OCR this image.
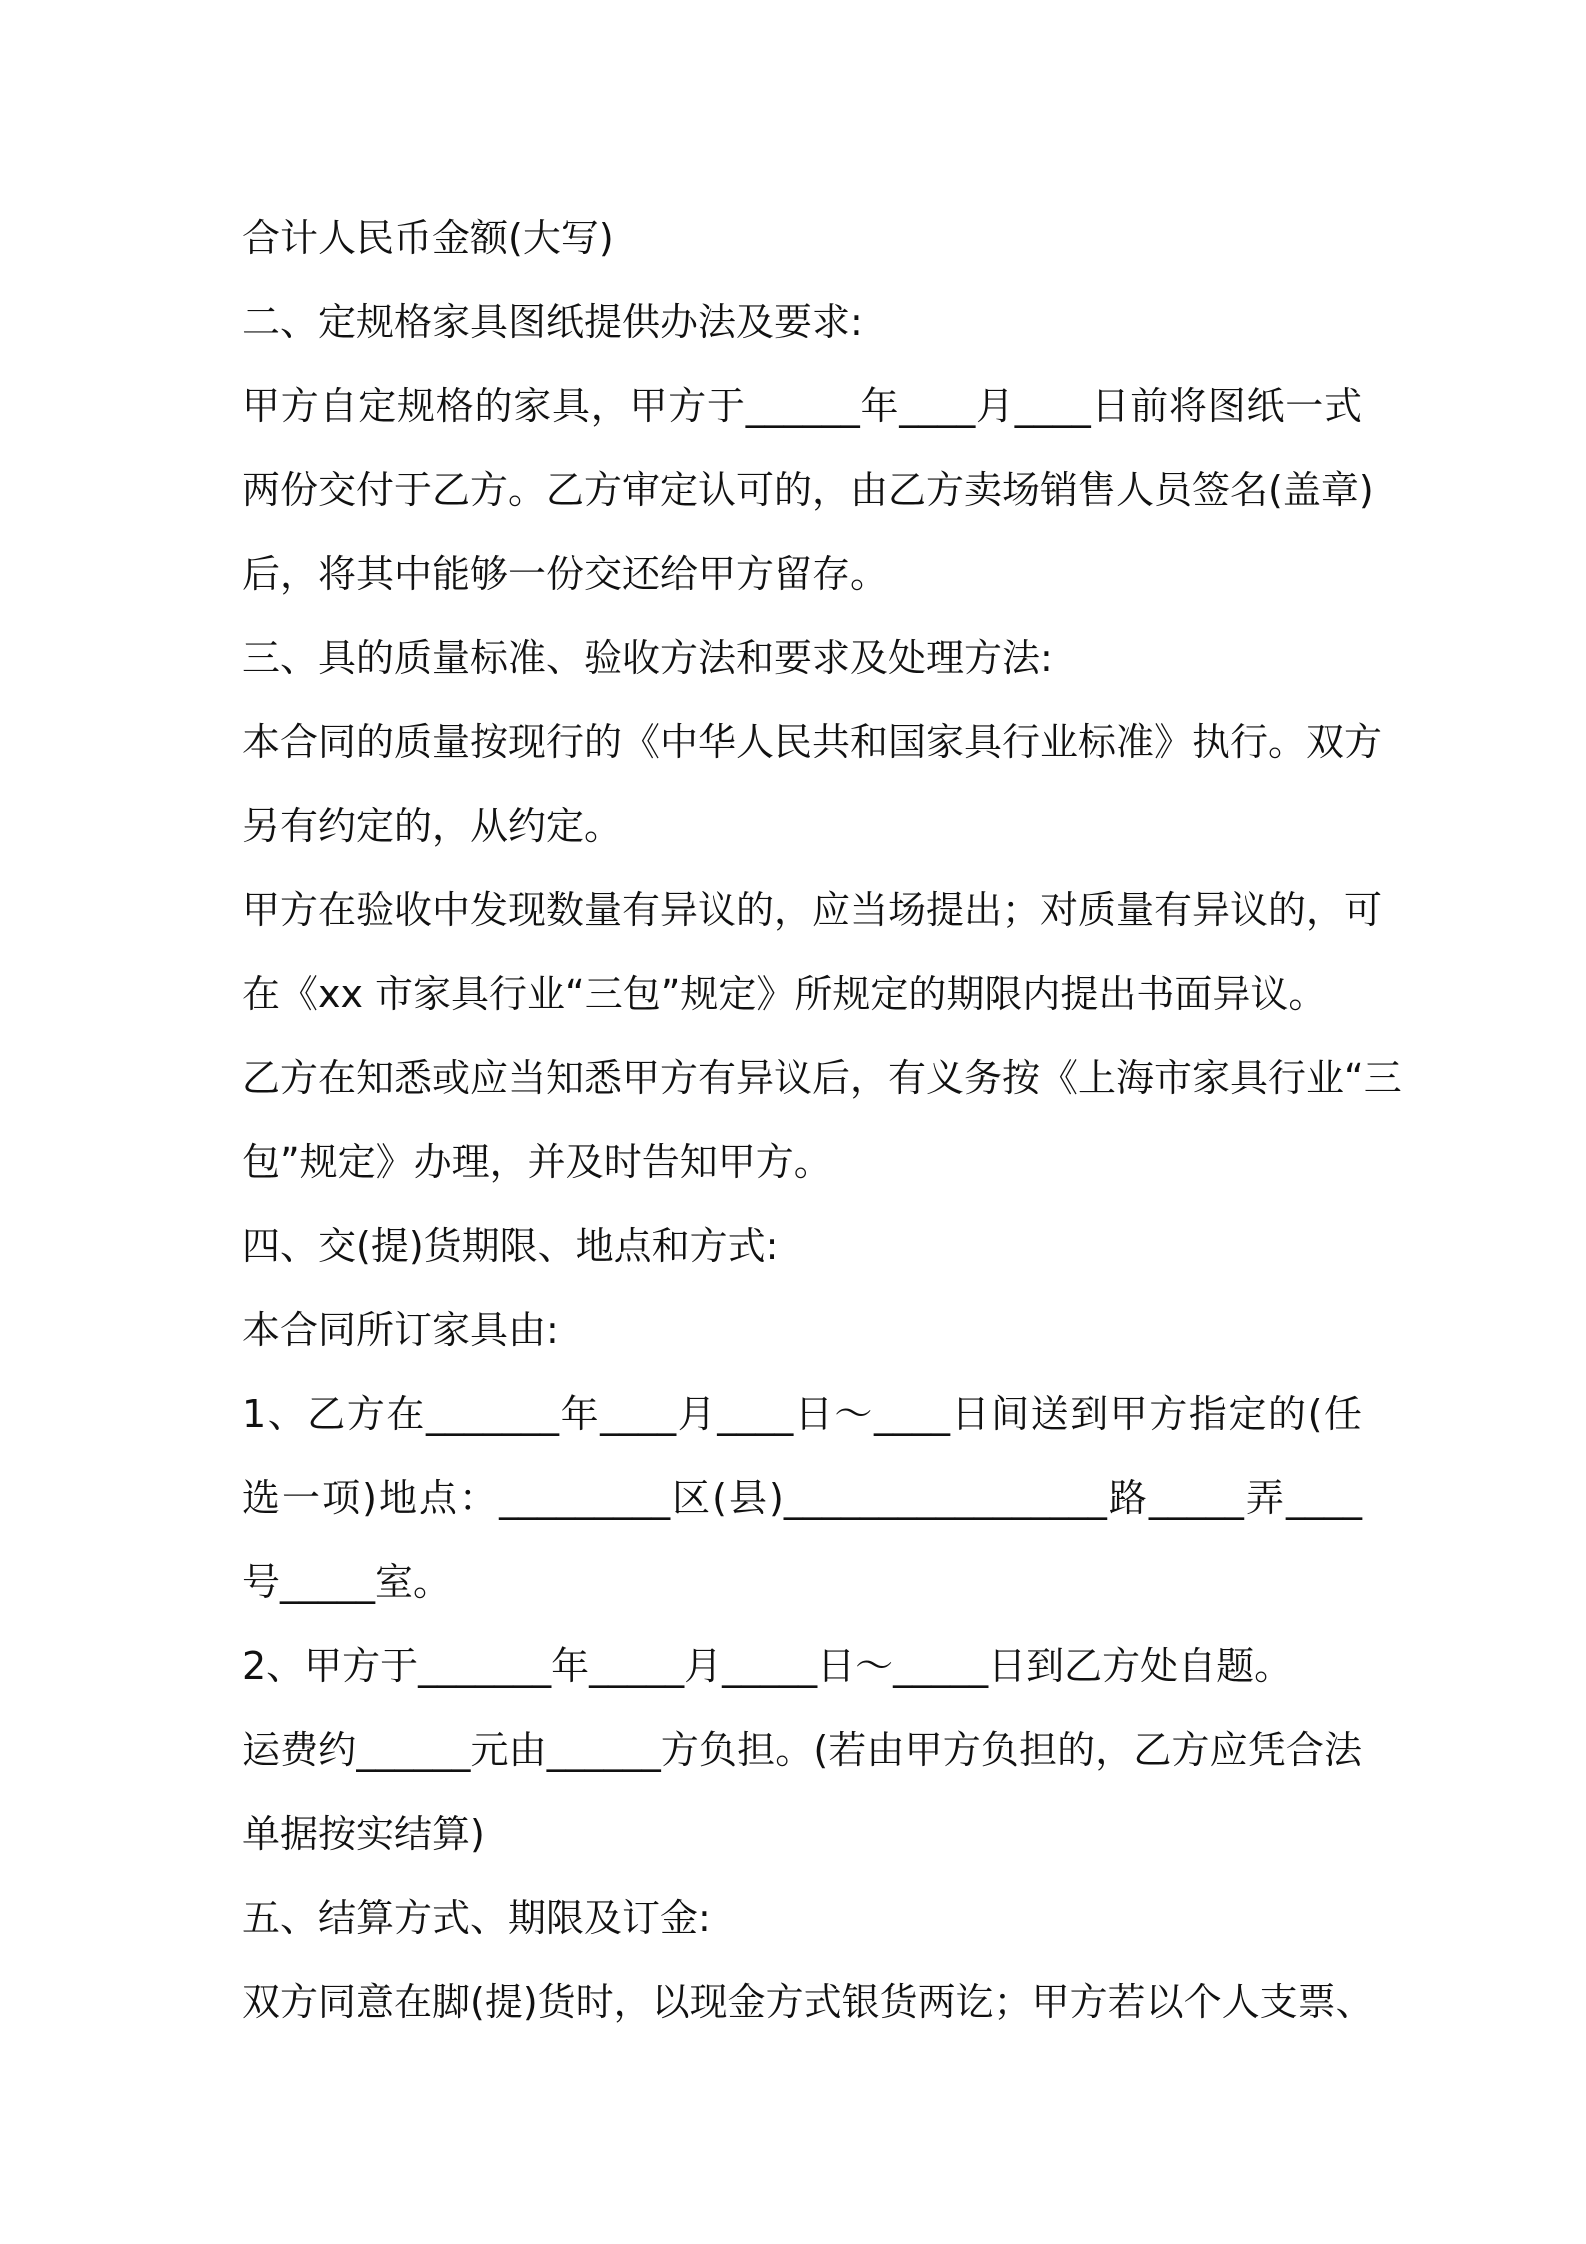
合计人民币金额(大写)
二、定规格家具图纸提供办法及要求:
甲方自定规格的家具，甲方于______年____月____日前将图纸一式
两份交付于乙方。乙方审定认可的，由乙方卖场销售人员签名(盖章)
后，将其中能够一份交还给甲方留存。
三、具的质量标准、验收方法和要求及处理方法:
本合同的质量按现行的《中华人民共和国家具行业标准》执行。双方
另有约定的，从约定。
甲方在验收中发现数量有异议的，应当场提出；对质量有异议的，可
在《xx 市家具行业“三包”规定》所规定的期限内提出书面异议。
乙方在知悉或应当知悉甲方有异议后，有义务按《上海市家具行业“三
包”规定》办理，并及时告知甲方。
四、交(提)货期限、地点和方式:
本合同所订家具由:
1、乙方在_______年____月____日～____日间送到甲方指定的(任
选一项)地点：_________区(县)_________________路_____弄____
号_____室。
2、甲方于_______年_____月_____日～_____日到乙方处自题。
运费约______元由______方负担。(若由甲方负担的，乙方应凭合法
单据按实结算)
五、结算方式、期限及订金:
双方同意在脚(提)货时，以现金方式银货两讫；甲方若以个人支票、
